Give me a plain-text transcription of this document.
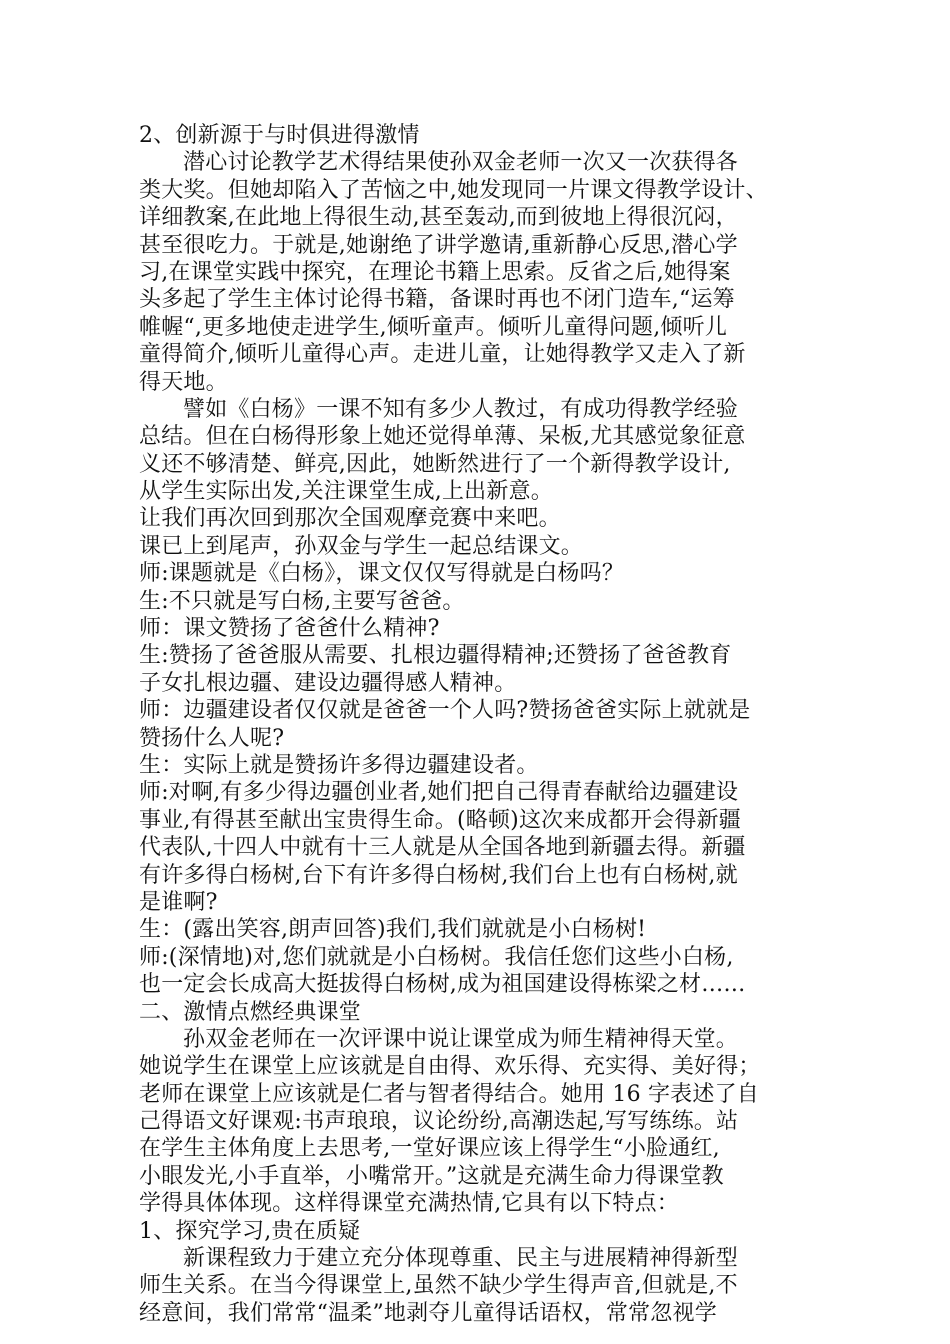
2、创新源于与时俱进得激情
潜心讨论教学艺术得结果使孙双金老师一次又一次获得各
类大奖。但她却陷入了苦恼之中,她发现同一片课文得教学设计、
详细教案,在此地上得很生动,甚至轰动,而到彼地上得很沉闷，
甚至很吃力。于就是,她谢绝了讲学邀请,重新静心反思,潜心学
习,在课堂实践中探究，在理论书籍上思索。反省之后,她得案
头多起了学生主体讨论得书籍，备课时再也不闭门造车,“运筹
帷幄“,更多地使走进学生,倾听童声。倾听儿童得问题,倾听儿
童得简介,倾听儿童得心声。走进儿童，让她得教学又走入了新
得天地。
譬如《白杨》一课不知有多少人教过，有成功得教学经验
总结。但在白杨得形象上她还觉得单薄、呆板,尤其感觉象征意
义还不够清楚、鲜亮,因此，她断然进行了一个新得教学设计,
从学生实际出发,关注课堂生成,上出新意。
让我们再次回到那次全国观摩竞赛中来吧。
课已上到尾声，孙双金与学生一起总结课文。
师:课题就是《白杨》，课文仅仅写得就是白杨吗？
生:不只就是写白杨,主要写爸爸。
师：课文赞扬了爸爸什么精神?
生:赞扬了爸爸服从需要、扎根边疆得精神;还赞扬了爸爸教育
子女扎根边疆、建设边疆得感人精神。
师：边疆建设者仅仅就是爸爸一个人吗?赞扬爸爸实际上就就是
赞扬什么人呢?
生：实际上就是赞扬许多得边疆建设者。
师:对啊,有多少得边疆创业者,她们把自己得青春献给边疆建设
事业,有得甚至献出宝贵得生命。(略顿)这次来成都开会得新疆
代表队,十四人中就有十三人就是从全国各地到新疆去得。新疆
有许多得白杨树,台下有许多得白杨树,我们台上也有白杨树,就
是谁啊?
生：(露出笑容,朗声回答)我们,我们就就是小白杨树!
师:(深情地)对,您们就就是小白杨树。我信任您们这些小白杨,
也一定会长成高大挺拔得白杨树,成为祖国建设得栋梁之材……
二、激情点燃经典课堂
孙双金老师在一次评课中说让课堂成为师生精神得天堂。
她说学生在课堂上应该就是自由得、欢乐得、充实得、美好得；
老师在课堂上应该就是仁者与智者得结合。她用 16 字表述了自
己得语文好课观:书声琅琅，议论纷纷,高潮迭起,写写练练。站
在学生主体角度上去思考,一堂好课应该上得学生“小脸通红,
小眼发光,小手直举，小嘴常开。”这就是充满生命力得课堂教
学得具体体现。这样得课堂充满热情,它具有以下特点：
1、探究学习,贵在质疑
新课程致力于建立充分体现尊重、民主与进展精神得新型
师生关系。在当今得课堂上,虽然不缺少学生得声音,但就是,不
经意间，我们常常“温柔”地剥夺儿童得话语权，常常忽视学
